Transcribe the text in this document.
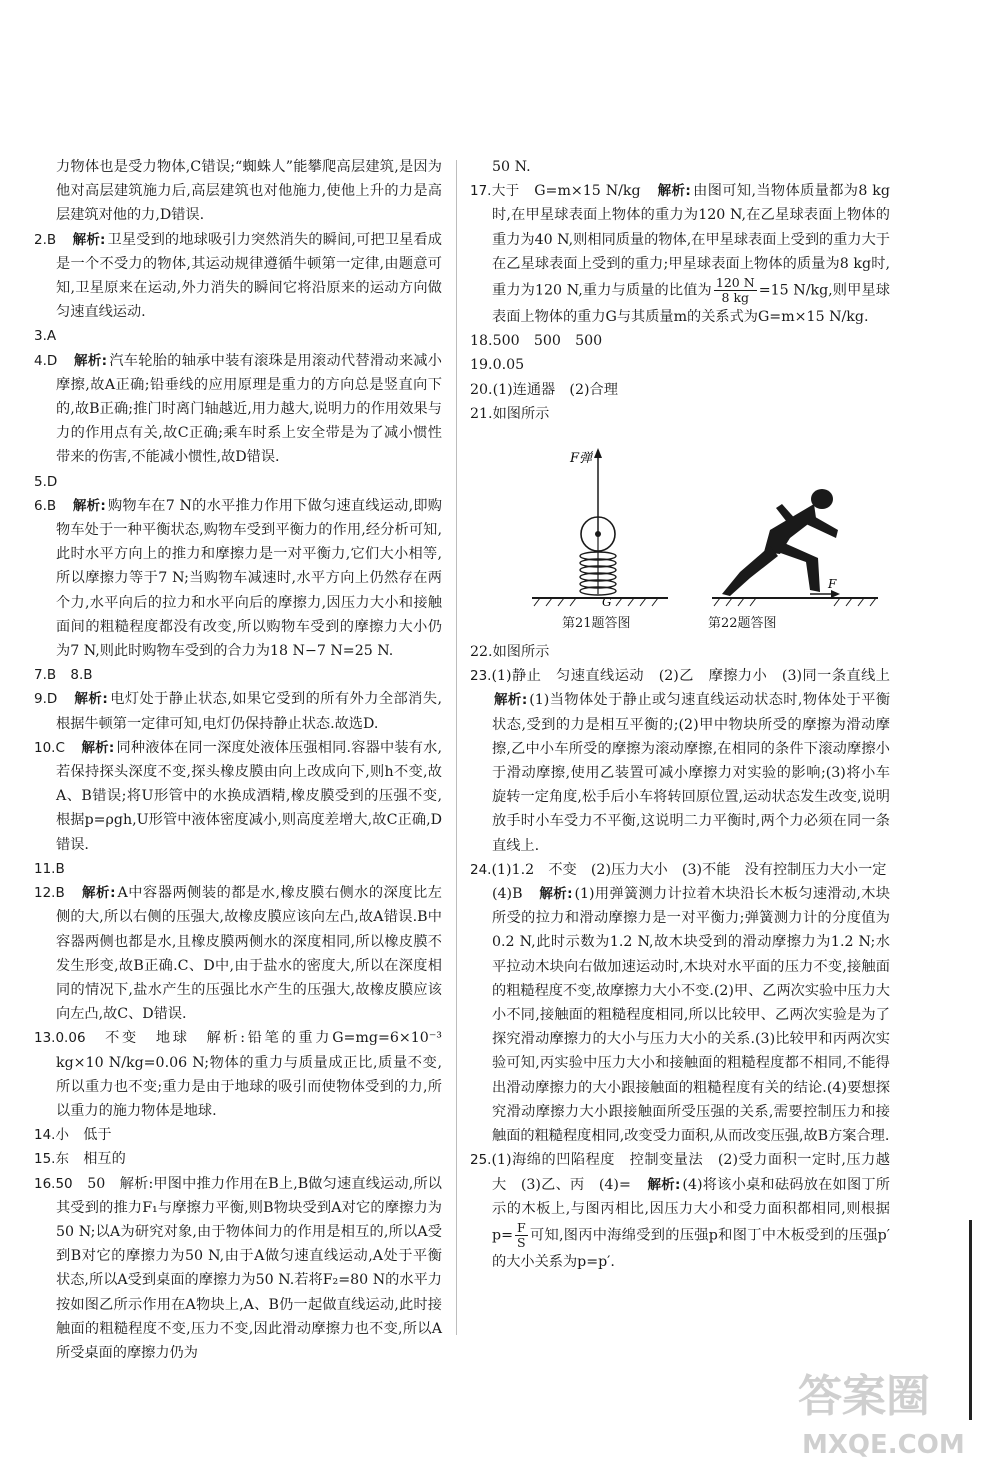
力物体也是受力物体,C错误;“蜘蛛人”能攀爬高层建筑,是因为他对高层建筑施力后,高层建筑也对他施力,使他上升的力是高层建筑对他的力,D错误.

2.B　 解析: 卫星受到的地球吸引力突然消失的瞬间,可把卫星看成是一个不受力的物体,其运动规律遵循牛顿第一定律,由题意可知,卫星原来在运动,外力消失的瞬间它将沿原来的运动方向做匀速直线运动.

3.A

4.D　 解析: 汽车轮胎的轴承中装有滚珠是用滚动代替滑动来减小摩擦,故A正确;铅垂线的应用原理是重力的方向总是竖直向下的,故B正确;推门时离门轴越近,用力越大,说明力的作用效果与力的作用点有关,故C正确;乘车时系上安全带是为了减小惯性带来的伤害,不能减小惯性,故D错误.

5.D

6.B　 解析: 购物车在7 N的水平推力作用下做匀速直线运动,即购物车处于一种平衡状态,购物车受到平衡力的作用,经分析可知,此时水平方向上的推力和摩擦力是一对平衡力,它们大小相等,所以摩擦力等于7 N;当购物车减速时,水平方向上仍然存在两个力,水平向后的拉力和水平向后的摩擦力,因压力大小和接触面间的粗糙程度都没有改变,所以购物车受到的摩擦力大小仍为7 N,则此时购物车受到的合力为18 N−7 N=25 N.

7.B　 8.B

9.D　 解析: 电灯处于静止状态,如果它受到的所有外力全部消失,根据牛顿第一定律可知,电灯仍保持静止状态.故选D.

10.C　 解析: 同种液体在同一深度处液体压强相同.容器中装有水,若保持探头深度不变,探头橡皮膜由向上改成向下,则h不变,故A、B错误;将U形管中的水换成酒精,橡皮膜受到的压强不变,根据p=ρgh,U形管中液体密度减小,则高度差增大,故C正确,D错误.

11.B

12.B　 解析: A中容器两侧装的都是水,橡皮膜右侧水的深度比左侧的大,所以右侧的压强大,故橡皮膜应该向左凸,故A错误.B中容器两侧也都是水,且橡皮膜两侧水的深度相同,所以橡皮膜不发生形变,故B正确.C、D中,由于盐水的密度大,所以在深度相同的情况下,盐水产生的压强比水产生的压强大,故橡皮膜应该向左凸,故C、D错误.

13.0.06　 不变　地球　解析:铅笔的重力G=mg=6×10⁻³ kg×10 N/kg=0.06 N;物体的重力与质量成正比,质量不变,所以重力也不变;重力是由于地球的吸引而使物体受到的力,所以重力的施力物体是地球.

14.小　 低于

15.东　 相互的

16.50　 50　解析:甲图中推力作用在B上,B做匀速直线运动,所以其受到的推力F₁与摩擦力平衡,则B物块受到A对它的摩擦力为50 N;以A为研究对象,由于物体间力的作用是相互的,所以A受到B对它的摩擦力为50 N,由于A做匀速直线运动,A处于平衡状态,所以A受到桌面的摩擦力为50 N.若将F₂=80 N的水平力按如图乙所示作用在A物块上,A、B仍一起做直线运动,此时接触面的粗糙程度不变,压力不变,因此滑动摩擦力也不变,所以A所受桌面的摩擦力仍为

50 N.

17.大于　 G=m×15 N/kg　 解析: 由图可知,当物体质量都为8 kg时,在甲星球表面上物体的重力为120 N,在乙星球表面上物体的重力为40 N,则相同质量的物体,在甲星球表面上受到的重力大于在乙星球表面上受到的重力;甲星球表面上物体的质量为8 kg时,重力为120 N,重力与质量的比值为 $\frac{120 N}{8 kg} =15$ N/kg,则甲星球表面上物体的重力G与其质量m的关系式为G=m×15 N/kg.

18.500　500　500

19.0.05

20.(1)连通器　(2)合理

21.如图所示

F弹
G
F
第21题答图	第22题答图

22.如图所示

23.(1)静止　匀速直线运动　(2)乙　摩擦力小　(3)同一条直线上　解析: (1)当物体处于静止或匀速直线运动状态时,物体处于平衡状态,受到的力是相互平衡的;(2)甲中物块所受的摩擦为滑动摩擦,乙中小车所受的摩擦为滚动摩擦,在相同的条件下滚动摩擦小于滑动摩擦,使用乙装置可减小摩擦力对实验的影响;(3)将小车旋转一定角度,松手后小车将转回原位置,运动状态发生改变,说明放手时小车受力不平衡,这说明二力平衡时,两个力必须在同一条直线上.

24.(1)1.2　不变　(2)压力大小　(3)不能　没有控制压力大小一定

(4)B　 解析: (1)用弹簧测力计拉着木块沿长木板匀速滑动,木块所受的拉力和滑动摩擦力是一对平衡力;弹簧测力计的分度值为0.2 N,此时示数为1.2 N,故木块受到的滑动摩擦力为1.2 N;水平拉动木块向右做加速运动时,木块对水平面的压力不变,接触面的粗糙程度不变,故摩擦力大小不变.(2)甲、乙两次实验中压力大小不同,接触面的粗糙程度相同,所以比较甲、乙两次实验是为了探究滑动摩擦力的大小与压力大小的关系.(3)比较甲和丙两次实验可知,丙实验中压力大小和接触面的粗糙程度都不相同,不能得出滑动摩擦力的大小跟接触面的粗糙程度有关的结论.(4)要想探究滑动摩擦力大小跟接触面所受压强的关系,需要控制压力和接触面的粗糙程度相同,改变受力面积,从而改变压强,故B方案合理.

25.(1)海绵的凹陷程度　控制变量法　(2)受力面积一定时,压力越大　(3)乙、丙　(4)=　 解析: (4)将该小桌和砝码放在如图丁所示的木板上,与图丙相比,因压力大小和受力面积都相同,则根据$p= \frac{F}{S}$ 可知,图丙中海绵受到的压强p和图丁中木板受到的压强p′的大小关系为p=p′.

答案圈
MXQE.COM
